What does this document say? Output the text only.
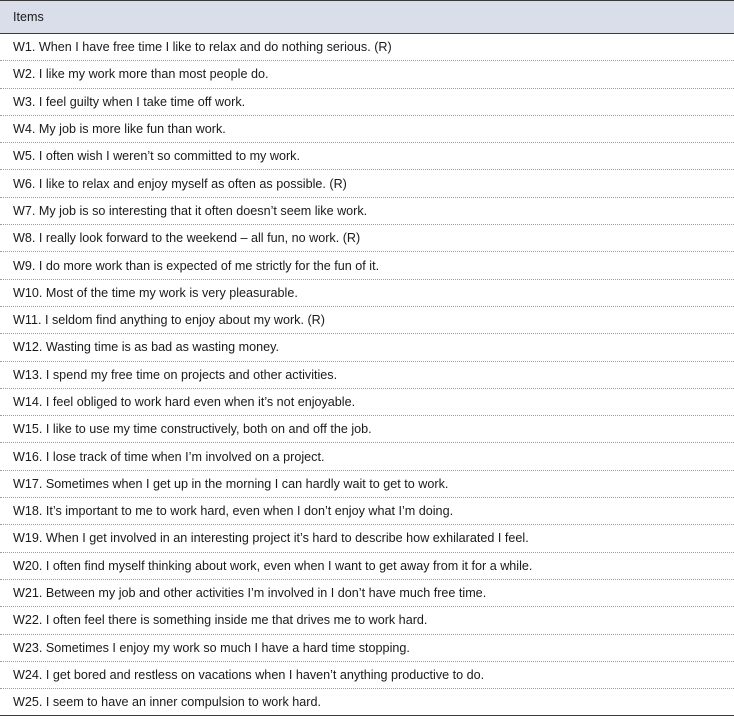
Items
W1. When I have free time I like to relax and do nothing serious. (R)
W2. I like my work more than most people do.
W3. I feel guilty when I take time off work.
W4. My job is more like fun than work.
W5. I often wish I weren’t so committed to my work.
W6. I like to relax and enjoy myself as often as possible. (R)
W7. My job is so interesting that it often doesn’t seem like work.
W8. I really look forward to the weekend – all fun, no work. (R)
W9. I do more work than is expected of me strictly for the fun of it.
W10. Most of the time my work is very pleasurable.
W11. I seldom find anything to enjoy about my work. (R)
W12. Wasting time is as bad as wasting money.
W13. I spend my free time on projects and other activities.
W14. I feel obliged to work hard even when it’s not enjoyable.
W15. I like to use my time constructively, both on and off the job.
W16. I lose track of time when I’m involved on a project.
W17. Sometimes when I get up in the morning I can hardly wait to get to work.
W18. It’s important to me to work hard, even when I don’t enjoy what I’m doing.
W19. When I get involved in an interesting project it’s hard to describe how exhilarated I feel.
W20. I often find myself thinking about work, even when I want to get away from it for a while.
W21. Between my job and other activities I’m involved in I don’t have much free time.
W22. I often feel there is something inside me that drives me to work hard.
W23. Sometimes I enjoy my work so much I have a hard time stopping.
W24. I get bored and restless on vacations when I haven’t anything productive to do.
W25. I seem to have an inner compulsion to work hard.
